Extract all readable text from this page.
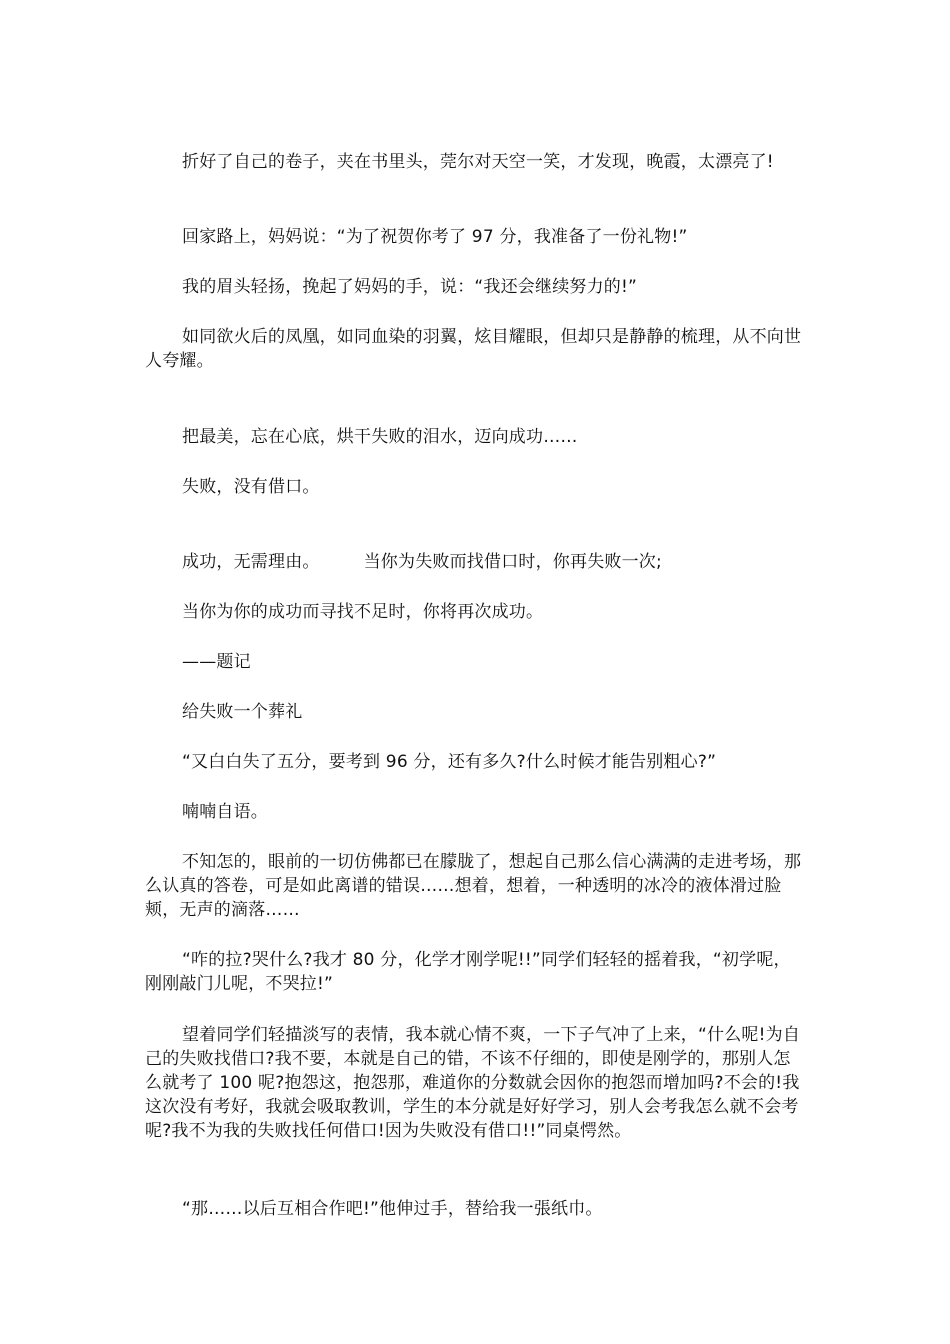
折好了自己的卷子，夹在书里头，莞尔对天空一笑，才发现，晚霞，太漂亮了!

回家路上，妈妈说：“为了祝贺你考了 97 分，我准备了一份礼物!”

我的眉头轻扬，挽起了妈妈的手，说：“我还会继续努力的!”

如同欲火后的凤凰，如同血染的羽翼，炫目耀眼，但却只是静静的梳理，从不向世人夸耀。

把最美，忘在心底，烘干失败的泪水，迈向成功……

失败，没有借口。

成功，无需理由。	当你为失败而找借口时，你再失败一次;

当你为你的成功而寻找不足时，你将再次成功。

——题记

给失败一个葬礼

“又白白失了五分，要考到 96 分，还有多久?什么时候才能告别粗心?”

喃喃自语。

不知怎的，眼前的一切仿佛都已在朦胧了，想起自己那么信心满满的走进考场，那么认真的答卷，可是如此离谱的错误……想着，想着，一种透明的冰冷的液体滑过脸颊，无声的滴落……

“咋的拉?哭什么?我才 80 分，化学才刚学呢!!”同学们轻轻的摇着我，“初学呢，刚刚敲门儿呢，不哭拉!”

望着同学们轻描淡写的表情，我本就心情不爽，一下子气冲了上来，“什么呢!为自己的失败找借口?我不要，本就是自己的错，不该不仔细的，即使是刚学的，那别人怎么就考了 100 呢?抱怨这，抱怨那，难道你的分数就会因你的抱怨而增加吗?不会的!我这次没有考好，我就会吸取教训，学生的本分就是好好学习，别人会考我怎么就不会考呢?我不为我的失败找任何借口!因为失败没有借口!!”同桌愕然。

“那……以后互相合作吧!”他伸过手，替给我一張纸巾。
